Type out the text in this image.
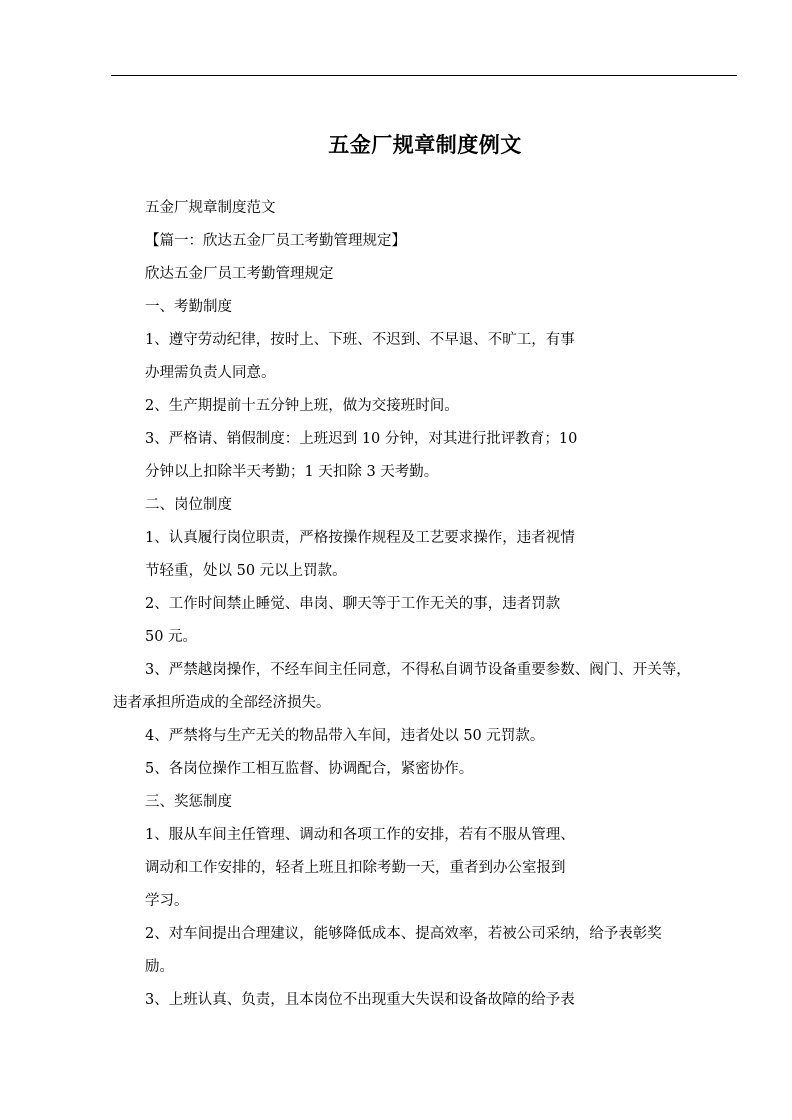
五金厂规章制度例文
五金厂规章制度范文
【篇一：欣达五金厂员工考勤管理规定】
欣达五金厂员工考勤管理规定
一、考勤制度
1、遵守劳动纪律，按时上、下班、不迟到、不早退、不旷工，有事
办理需负责人同意。
2、生产期提前十五分钟上班，做为交接班时间。
3、严格请、销假制度：上班迟到 10 分钟，对其进行批评教育；10
分钟以上扣除半天考勤；1 天扣除 3 天考勤。
二、岗位制度
1、认真履行岗位职责，严格按操作规程及工艺要求操作，违者视情
节轻重，处以 50 元以上罚款。
2、工作时间禁止睡觉、串岗、聊天等于工作无关的事，违者罚款
50 元。
3、严禁越岗操作，不经车间主任同意，不得私自调节设备重要参数、阀门、开关等，
违者承担所造成的全部经济损失。
4、严禁将与生产无关的物品带入车间，违者处以 50 元罚款。
5、各岗位操作工相互监督、协调配合，紧密协作。
三、奖惩制度
1、服从车间主任管理、调动和各项工作的安排，若有不服从管理、
调动和工作安排的，轻者上班且扣除考勤一天，重者到办公室报到
学习。
2、对车间提出合理建议，能够降低成本、提高效率，若被公司采纳，给予表彰奖
励。
3、上班认真、负责，且本岗位不出现重大失误和设备故障的给予表
